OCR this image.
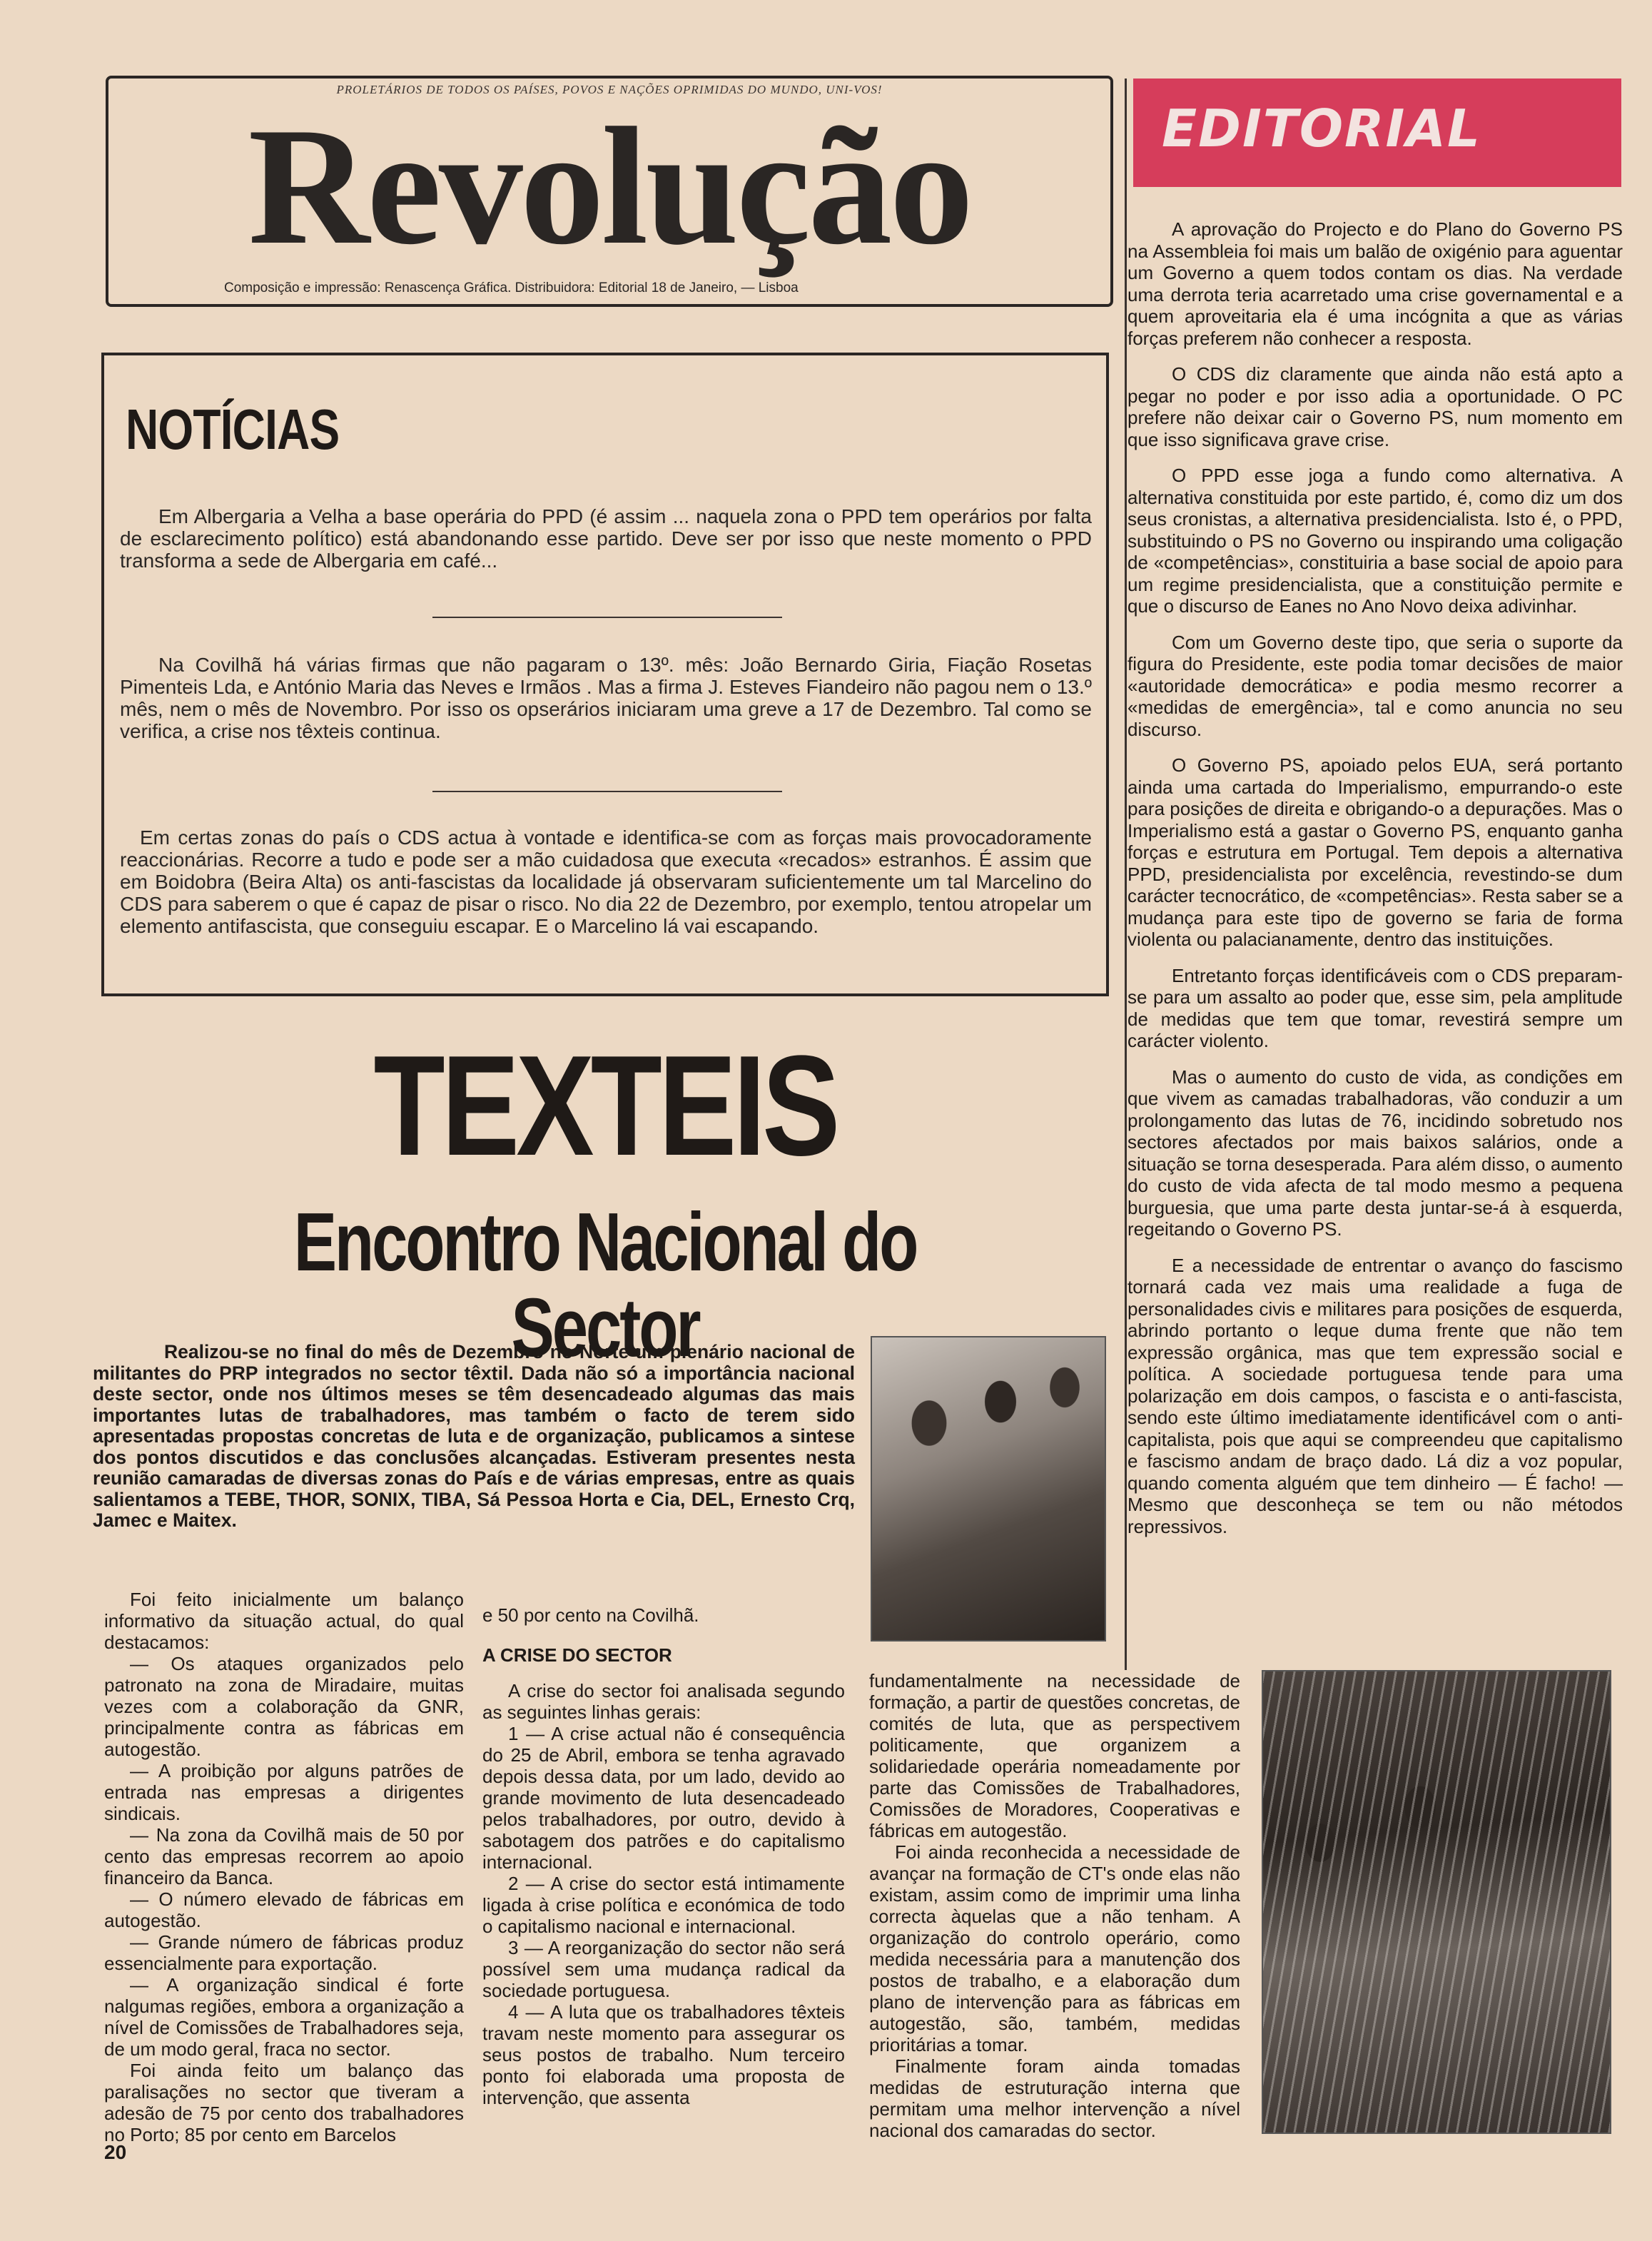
PROLETÁRIOS DE TODOS OS PAÍSES, POVOS E NAÇÕES OPRIMIDAS DO MUNDO, UNI-VOS!
Revolução
Composição e impressão: Renascença Gráfica. Distribuidora: Editorial 18 de Janeiro, — Lisboa
EDITORIAL

A aprovação do Projecto e do Plano do Governo PS na Assembleia foi mais um balão de oxigénio para aguentar um Governo a quem todos contam os dias. Na verdade uma derrota teria acarretado uma crise governamental e a quem aproveitaria ela é uma incógnita a que as várias forças preferem não conhecer a resposta.

O CDS diz claramente que ainda não está apto a pegar no poder e por isso adia a oportunidade. O PC prefere não deixar cair o Governo PS, num momento em que isso significava grave crise.

O PPD esse joga a fundo como alternativa. A alternativa constituida por este partido, é, como diz um dos seus cronistas, a alternativa presidencialista. Isto é, o PPD, substituindo o PS no Governo ou inspirando uma coligação de «competências», constituiria a base social de apoio para um regime presidencialista, que a constituição permite e que o discurso de Eanes no Ano Novo deixa adivinhar.

Com um Governo deste tipo, que seria o suporte da figura do Presidente, este podia tomar decisões de maior «autoridade democrática» e podia mesmo recorrer a «medidas de emergência», tal e como anuncia no seu discurso.

O Governo PS, apoiado pelos EUA, será portanto ainda uma cartada do Imperialismo, empurrando-o este para posições de direita e obrigando-o a depurações. Mas o Imperialismo está a gastar o Governo PS, enquanto ganha forças e estrutura em Portugal. Tem depois a alternativa PPD, presidencialista por excelência, revestindo-se dum carácter tecnocrático, de «competências». Resta saber se a mudança para este tipo de governo se faria de forma violenta ou palacianamente, dentro das instituições.

Entretanto forças identificáveis com o CDS preparam-se para um assalto ao poder que, esse sim, pela amplitude de medidas que tem que tomar, revestirá sempre um carácter violento.

Mas o aumento do custo de vida, as condições em que vivem as camadas trabalhadoras, vão conduzir a um prolongamento das lutas de 76, incidindo sobretudo nos sectores afectados por mais baixos salários, onde a situação se torna desesperada. Para além disso, o aumento do custo de vida afecta de tal modo mesmo a pequena burguesia, que uma parte desta juntar-se-á à esquerda, regeitando o Governo PS.

E a necessidade de entrentar o avanço do fascismo tornará cada vez mais uma realidade a fuga de personalidades civis e militares para posições de esquerda, abrindo portanto o leque duma frente que não tem expressão orgânica, mas que tem expressão social e política. A sociedade portuguesa tende para uma polarização em dois campos, o fascista e o anti-fascista, sendo este último imediatamente identificável com o anti-capitalista, pois que aqui se compreendeu que capitalismo e fascismo andam de braço dado. Lá diz a voz popular, quando comenta alguém que tem dinheiro — É facho! — Mesmo que desconheça se tem ou não métodos repressivos.

NOTÍCIAS
Em Albergaria a Velha a base operária do PPD (é assim ... naquela zona o PPD tem operários por falta de esclarecimento político) está abandonando esse partido. Deve ser por isso que neste momento o PPD transforma a sede de Albergaria em café...
Na Covilhã há várias firmas que não pagaram o 13º. mês: João Bernardo Giria, Fiação Rosetas Pimenteis Lda, e António Maria das Neves e Irmãos . Mas a firma J. Esteves Fiandeiro não pagou nem o 13.º mês, nem o mês de Novembro. Por isso os opserários iniciaram uma greve a 17 de Dezembro. Tal como se verifica, a crise nos têxteis continua.
Em certas zonas do país o CDS actua à vontade e identifica-se com as forças mais provocadoramente reaccionárias. Recorre a tudo e pode ser a mão cuidadosa que executa «recados» estranhos. É assim que em Boidobra (Beira Alta) os anti-fascistas da localidade já observaram suficientemente um tal Marcelino do CDS para saberem o que é capaz de pisar o risco. No dia 22 de Dezembro, por exemplo, tentou atropelar um elemento antifascista, que conseguiu escapar. E o Marcelino lá vai escapando.
TEXTEIS
Encontro Nacional do Sector
Realizou-se no final do mês de Dezembro no Norte um plenário nacional de militantes do PRP integrados no sector têxtil. Dada não só a importância nacional deste sector, onde nos últimos meses se têm desencadeado algumas das mais importantes lutas de trabalhadores, mas também o facto de terem sido apresentadas propostas concretas de luta e de organização, publicamos a sintese dos pontos discutidos e das conclusões alcançadas. Estiveram presentes nesta reunião camaradas de diversas zonas do País e de várias empresas, entre as quais salientamos a TEBE, THOR, SONIX, TIBA, Sá Pessoa Horta e Cia, DEL, Ernesto Crq, Jamec e Maitex.

Foi feito inicialmente um balanço informativo da situação actual, do qual destacamos:

— Os ataques organizados pelo patronato na zona de Miradaire, muitas vezes com a colaboração da GNR, principalmente contra as fábricas em autogestão.

— A proibição por alguns patrões de entrada nas empresas a dirigentes sindicais.

— Na zona da Covilhã mais de 50 por cento das empresas recorrem ao apoio financeiro da Banca.

— O número elevado de fábricas em autogestão.

— Grande número de fábricas produz essencialmente para exportação.

— A organização sindical é forte nalgumas regiões, embora a organização a nível de Comissões de Trabalhadores seja, de um modo geral, fraca no sector.

Foi ainda feito um balanço das paralisações no sector que tiveram a adesão de 75 por cento dos trabalhadores no Porto; 85 por cento em Barcelos

e 50 por cento na Covilhã.

A CRISE DO SECTOR

A crise do sector foi analisada segundo as seguintes linhas gerais:

1 — A crise actual não é consequência do 25 de Abril, embora se tenha agravado depois dessa data, por um lado, devido ao grande movimento de luta desencadeado pelos trabalhadores, por outro, devido à sabotagem dos patrões e do capitalismo internacional.

2 — A crise do sector está intimamente ligada à crise política e económica de todo o capitalismo nacional e internacional.

3 — A reorganização do sector não será possível sem uma mudança radical da sociedade portuguesa.

4 — A luta que os trabalhadores têxteis travam neste momento para assegurar os seus postos de trabalho. Num terceiro ponto foi elaborada uma proposta de intervenção, que assenta

fundamentalmente na necessidade de formação, a partir de questões concretas, de comités de luta, que as perspectivem politicamente, que organizem a solidariedade operária nomeadamente por parte das Comissões de Trabalhadores, Comissões de Moradores, Cooperativas e fábricas em autogestão.

Foi ainda reconhecida a necessidade de avançar na formação de CT's onde elas não existam, assim como de imprimir uma linha correcta àquelas que a não tenham. A organização do controlo operário, como medida necessária para a manutenção dos postos de trabalho, e a elaboração dum plano de intervenção para as fábricas em autogestão, são, também, medidas prioritárias a tomar.

Finalmente foram ainda tomadas medidas de estruturação interna que permitam uma melhor intervenção a nível nacional dos camaradas do sector.

20
